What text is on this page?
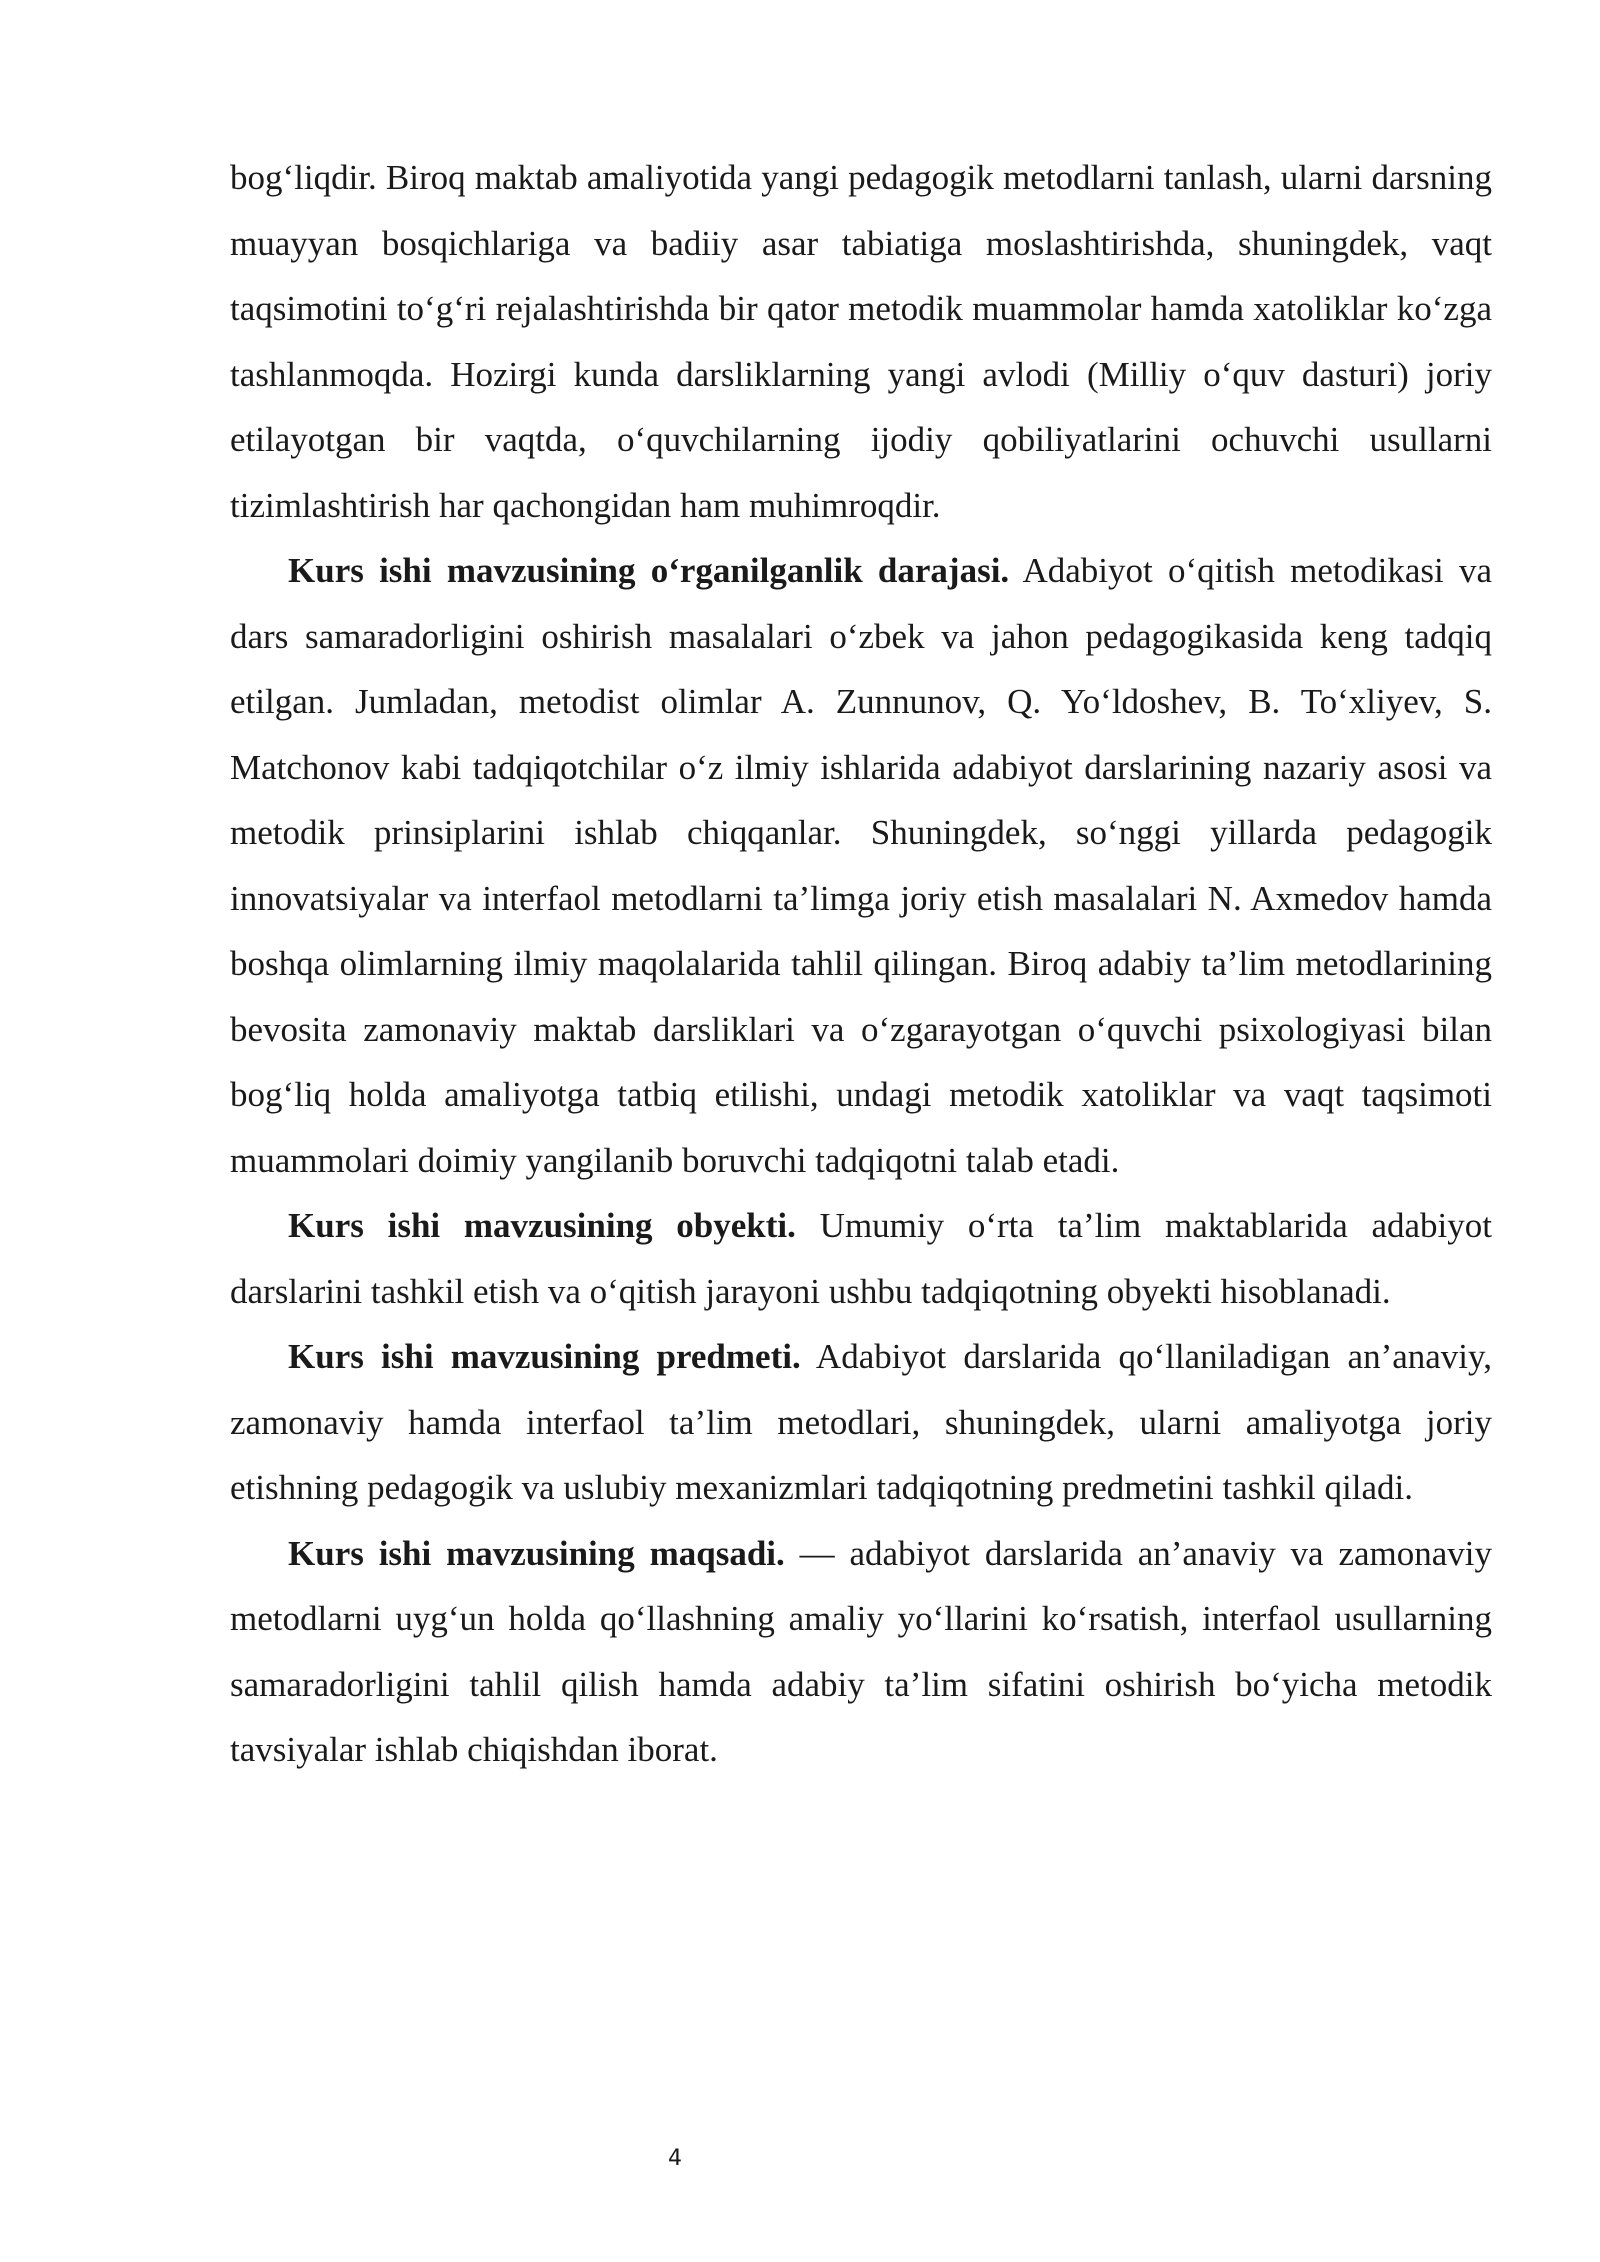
bog‘liqdir. Biroq maktab amaliyotida yangi pedagogik metodlarni tanlash, ularni darsning muayyan bosqichlariga va badiiy asar tabiatiga moslashtirishda, shuningdek, vaqt taqsimotini to‘g‘ri rejalashtirishda bir qator metodik muammolar hamda xatoliklar ko‘zga tashlanmoqda. Hozirgi kunda darsliklarning yangi avlodi (Milliy o‘quv dasturi) joriy etilayotgan bir vaqtda, o‘quvchilarning ijodiy qobiliyatlarini ochuvchi usullarni tizimlashtirish har qachongidan ham muhimroqdir.

Kurs ishi mavzusining o‘rganilganlik darajasi. Adabiyot o‘qitish metodikasi va dars samaradorligini oshirish masalalari o‘zbek va jahon pedagogikasida keng tadqiq etilgan. Jumladan, metodist olimlar A. Zunnunov, Q. Yo‘ldoshev, B. To‘xliyev, S. Matchonov kabi tadqiqotchilar o‘z ilmiy ishlarida adabiyot darslarining nazariy asosi va metodik prinsiplarini ishlab chiqqanlar. Shuningdek, so‘nggi yillarda pedagogik innovatsiyalar va interfaol metodlarni ta’limga joriy etish masalalari N. Axmedov hamda boshqa olimlarning ilmiy maqolalarida tahlil qilingan. Biroq adabiy ta’lim metodlarining bevosita zamonaviy maktab darsliklari va o‘zgarayotgan o‘quvchi psixologiyasi bilan bog‘liq holda amaliyotga tatbiq etilishi, undagi metodik xatoliklar va vaqt taqsimoti muammolari doimiy yangilanib boruvchi tadqiqotni talab etadi.

Kurs ishi mavzusining obyekti. Umumiy o‘rta ta’lim maktablarida adabiyot darslarini tashkil etish va o‘qitish jarayoni ushbu tadqiqotning obyekti hisoblanadi.

Kurs ishi mavzusining predmeti. Adabiyot darslarida qo‘llaniladigan an’anaviy, zamonaviy hamda interfaol ta’lim metodlari, shuningdek, ularni amaliyotga joriy etishning pedagogik va uslubiy mexanizmlari tadqiqotning predmetini tashkil qiladi.

Kurs ishi mavzusining maqsadi. — adabiyot darslarida an’anaviy va zamonaviy metodlarni uyg‘un holda qo‘llashning amaliy yo‘llarini ko‘rsatish, interfaol usullarning samaradorligini tahlil qilish hamda adabiy ta’lim sifatini oshirish bo‘yicha metodik tavsiyalar ishlab chiqishdan iborat.

4
